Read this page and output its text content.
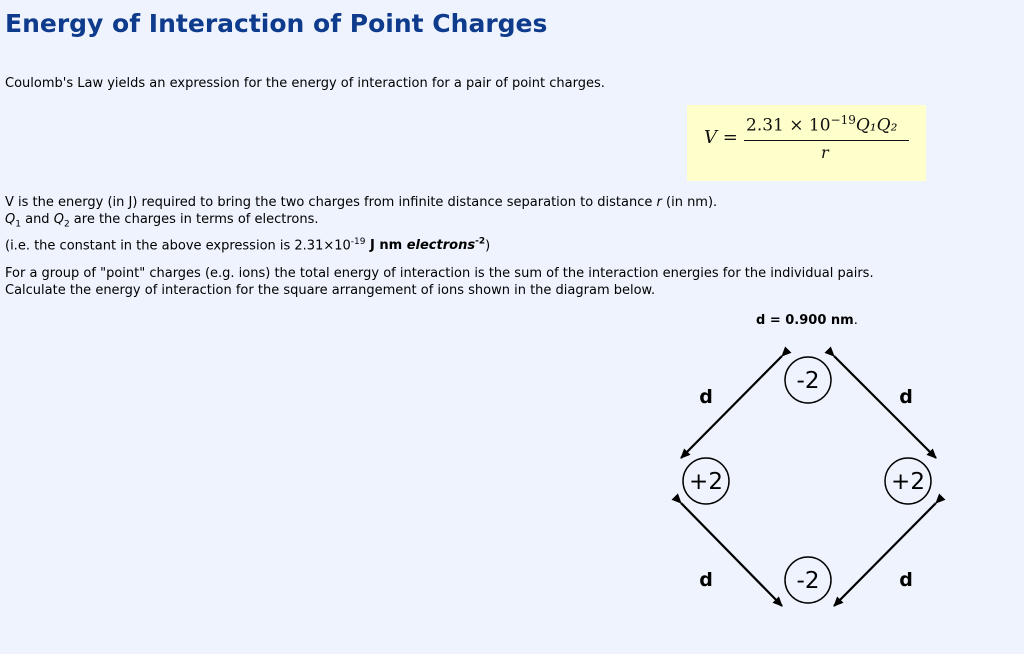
Energy of Interaction of Point Charges

Coulomb's Law yields an expression for the energy of interaction for a pair of point charges.

V =
$2.31 \times 10^{-19}Q_1Q_2$
r

V is the energy (in J) required to bring the two charges from infinite distance separation to distance r (in nm).
$Q_1$ and $Q_2$ are the charges in terms of electrons.

(i.e. the constant in the above expression is $2.31\times 10^{-19}$ J nm electrons$^{-2}$)

For a group of "point" charges (e.g. ions) the total energy of interaction is the sum of the interaction energies for the individual pairs.
Calculate the energy of interaction for the square arrangement of ions shown in the diagram below.

d = 0.900 nm.
-2
+2	+2
-2
d	d
d	d
